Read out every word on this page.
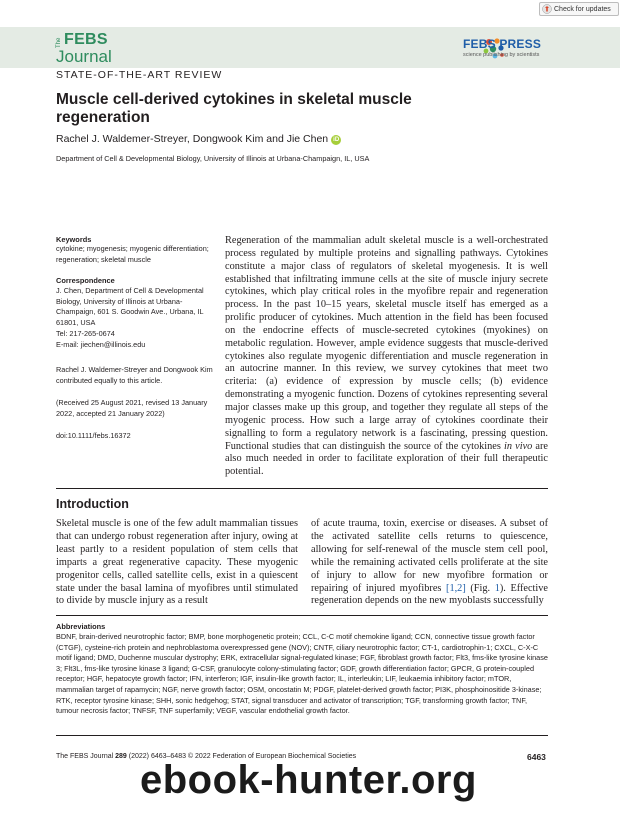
Check for updates
The FEBS
Journal
FEBS PRESS
science publishing by scientists
STATE-OF-THE-ART REVIEW
Muscle cell-derived cytokines in skeletal muscle regeneration
Rachel J. Waldemer-Streyer, Dongwook Kim and Jie Chen iD
Department of Cell & Developmental Biology, University of Illinois at Urbana-Champaign, IL, USA
Keywords
cytokine; myogenesis; myogenic differentiation; regeneration; skeletal muscle
Correspondence
J. Chen, Department of Cell & Developmental Biology, University of Illinois at Urbana-Champaign, 601 S. Goodwin Ave., Urbana, IL 61801, USA
Tel: 217-265-0674
E-mail: jiechen@illinois.edu
Rachel J. Waldemer-Streyer and Dongwook Kim contributed equally to this article.
(Received 25 August 2021, revised 13 January 2022, accepted 21 January 2022)
doi:10.1111/febs.16372
Regeneration of the mammalian adult skeletal muscle is a well-orchestrated process regulated by multiple proteins and signalling pathways. Cytokines constitute a major class of regulators of skeletal myogenesis. It is well established that infiltrating immune cells at the site of muscle injury secrete cytokines, which play critical roles in the myofibre repair and regeneration process. In the past 10–15 years, skeletal muscle itself has emerged as a prolific producer of cytokines. Much attention in the field has been focused on the endocrine effects of muscle-secreted cytokines (myokines) on metabolic regulation. However, ample evidence suggests that muscle-derived cytokines also regulate myogenic differentiation and muscle regeneration in an autocrine manner. In this review, we survey cytokines that meet two criteria: (a) evidence of expression by muscle cells; (b) evidence demonstrating a myogenic function. Dozens of cytokines representing several major classes make up this group, and together they regulate all steps of the myogenic process. How such a large array of cytokines coordinate their signalling to form a regulatory network is a fascinating, pressing question. Functional studies that can distinguish the source of the cytokines in vivo are also much needed in order to facilitate exploration of their full therapeutic potential.
Introduction
Skeletal muscle is one of the few adult mammalian tissues that can undergo robust regeneration after injury, owing at least partly to a resident population of stem cells that imparts a great regenerative capacity. These myogenic progenitor cells, called satellite cells, exist in a quiescent state under the basal lamina of myofibres until stimulated to divide by muscle injury as a result
of acute trauma, toxin, exercise or diseases. A subset of the activated satellite cells returns to quiescence, allowing for self-renewal of the muscle stem cell pool, while the remaining activated cells proliferate at the site of injury to allow for new myofibre formation or repairing of injured myofibres [1,2] (Fig. 1). Effective regeneration depends on the new myoblasts successfully
Abbreviations
BDNF, brain-derived neurotrophic factor; BMP, bone morphogenetic protein; CCL, C-C motif chemokine ligand; CCN, connective tissue growth factor (CTGF), cysteine-rich protein and nephroblastoma overexpressed gene (NOV); CNTF, ciliary neurotrophic factor; CT-1, cardiotrophin-1; CXCL, C-X-C motif ligand; DMD, Duchenne muscular dystrophy; ERK, extracellular signal-regulated kinase; FGF, fibroblast growth factor; Flt3, fms-like tyrosine kinase 3; Flt3L, fms-like tyrosine kinase 3 ligand; G-CSF, granulocyte colony-stimulating factor; GDF, growth differentiation factor; GPCR, G protein-coupled receptor; HGF, hepatocyte growth factor; IFN, interferon; IGF, insulin-like growth factor; IL, interleukin; LIF, leukaemia inhibitory factor; mTOR, mammalian target of rapamycin; NGF, nerve growth factor; OSM, oncostatin M; PDGF, platelet-derived growth factor; PI3K, phosphoinositide 3-kinase; RTK, receptor tyrosine kinase; SHH, sonic hedgehog; STAT, signal transducer and activator of transcription; TGF, transforming growth factor; TNF, tumour necrosis factor; TNFSF, TNF superfamily; VEGF, vascular endothelial growth factor.
The FEBS Journal 289 (2022) 6463–6483 © 2022 Federation of European Biochemical Societies	6463
ebook-hunter.org
